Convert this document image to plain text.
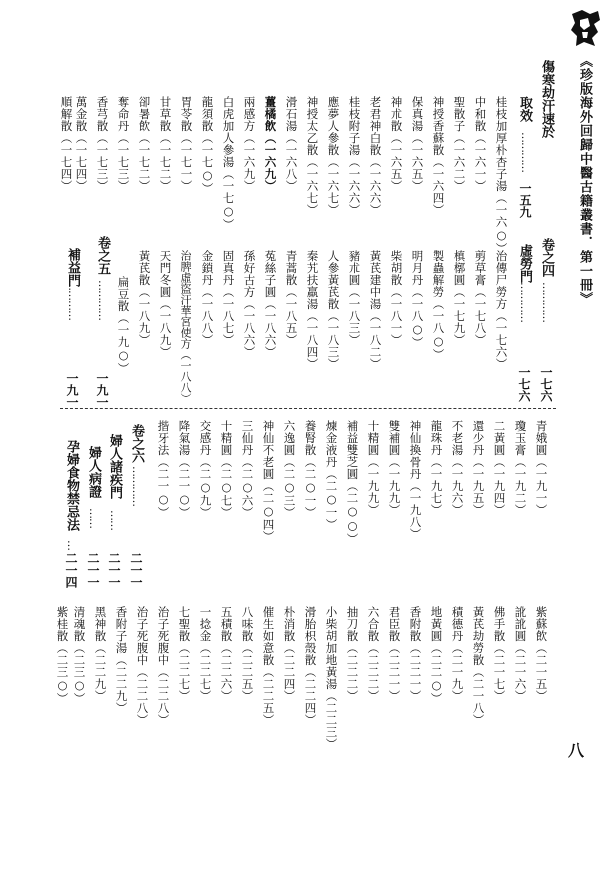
《珍版海外回歸中醫古籍叢書．第一冊》
八
傷寒劫汗速於
取效
…………
一五九
桂枝加厚朴杏子湯（一六○）
中和散（一六一）
聖散子（一六二）
神授香蘇散（一六四）
保真湯（一六五）
神朮散（一六五）
老君神白散（一六六）
桂枝附子湯（一六六）
應夢人參散（一六七）
神授太乙散（一六七）
滑石湯（一六八）
薑橘飲（一六九）
兩感方（一六九）
白虎加人參湯（一七○）
龍須散（一七○）
胃苓散（一七一）
甘草散（一七二）
卻暑飲（一七二）
奪命丹（一七三）
香芎散（一七三）
萬金散（一七四）
順解散（一七四）
卷之四
…………
一七六
虛勞門
…………
一七六
治傳尸勞方（一七六）
剪草膏（一七八）
槙槨圓（一七九）
製蟲解勞（一八○）
明月丹（一八○）
柴胡散（一八一）
黃芪建中湯（一八二）
豬朮圓（一八三）
人參黃芪散（一八三）
秦艽扶羸湯（一八四）
青蒿散（一八五）
菟絲子圓（一八六）
孫好古方（一八六）
固真丹（一八七）
金鎖丹（一八八）
治脾虛盜汗華宮使方（一八八）
天門冬圓（一八九）
黃芪散（一八九）
扁豆散（一九○）
卷之五
…………
一九一
補益門
…………
一九一
青娥圓（一九一）
瓊玉膏（一九二）
二黃圓（一九四）
還少丹（一九五）
不老湯（一九六）
龍珠丹（一九七）
神仙換骨丹（一九八）
雙補圓（一九九）
十精圓（一九九）
補益雙芝圓（二○○）
煉金液丹（二○一）
養腎散（二○一）
六逸圓（二○三）
神仙不老圓（二○四）
三仙丹（二○六）
十精圓（二○七）
交感丹（二○九）
降氣湯（二一○）
揩牙法（二一○）
卷之六
…………
二一一
婦人諸疾門
……
二一一
婦人病證
……
二一一
孕婦食物禁忌法
…
二一四
紫蘇飲（二一五）
訛訛圓（二一六）
佛手散（二一七）
黃芪劫勞散（二一八）
積德丹（二一九）
地黃圓（二二○）
香附散（二二一）
君臣散（二二一）
六合散（二二二）
抽刀散（二二二）
小柴胡加地黃湯（二二三）
滑胎枳殼散（二二四）
朴消散（二二四）
催生如意散（二二五）
八味散（二二五）
五積散（二二六）
一捻金（二二七）
七聖散（二二七）
治子死腹中（二二八）
治子死腹中（二二八）
香附子湯（二二九）
黑神散（二二九）
清魂散（二三○）
紫桂散（二三○）
